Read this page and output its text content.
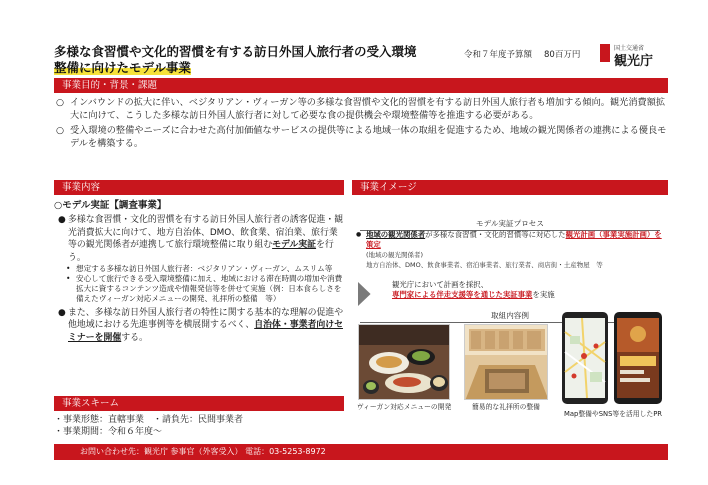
多様な食習慣や文化的習慣を有する訪日外国人旅行者の受入環境
整備に向けたモデル事業
令和７年度予算額 80百万円
国土交通省
観光庁
事業目的・背景・課題
○ インバウンドの拡大に伴い、ベジタリアン・ヴィーガン等の多様な食習慣や文化的習慣を有する訪日外国人旅行者も増加する傾向。観光消費額拡大に向けて、こうした多様な訪日外国人旅行者に対して必要な食の提供機会や環境整備等を推進する必要がある。
○ 受入環境の整備やニーズに合わせた高付加価値なサービスの提供等による地域一体の取組を促進するため、地域の観光関係者の連携による優良モデルを構築する。
事業内容
○モデル実証【調査事業】
● 多様な食習慣・文化的習慣を有する訪日外国人旅行者の誘客促進・観光消費拡大に向けて、地方自治体、DMO、飲食業、宿泊業、旅行業等の観光関係者が連携して旅行環境整備に取り組むモデル実証を行う。
• 想定する多様な訪日外国人旅行者：ベジタリアン・ヴィーガン、ムスリム等
• 安心して旅行できる受入環境整備に加え、地域における滞在時間の増加や消費拡大に資するコンテンツ造成や情報発信等を併せて実施（例：日本食らしさを備えたヴィーガン対応メニューの開発、礼拝所の整備　等）
● また、多様な訪日外国人旅行者の特性に関する基本的な理解の促進や他地域における先進事例等を横展開するべく、自治体・事業者向けセミナーを開催する。
事業スキーム
・事業形態：直轄事業　・請負先：民間事業者
・事業期間：令和６年度〜
お問い合わせ先：観光庁 参事官（外客受入） 電話：03-5253-8972
事業イメージ
モデル実証プロセス
● 地域の観光関係者が多様な食習慣・文化的習慣等に対応した観光計画（事業実施計画）を策定
(地域の観光関係者)
地方自治体、DMO、飲食事業者、宿泊事業者、旅行業者、商店街・土産物屋　等
観光庁において計画を採択、
専門家による伴走支援等を通じた実証事業を実施
取組内容例
ヴィーガン対応メニューの開発	簡易的な礼拝所の整備
Map整備やSNS等を活用したPR
